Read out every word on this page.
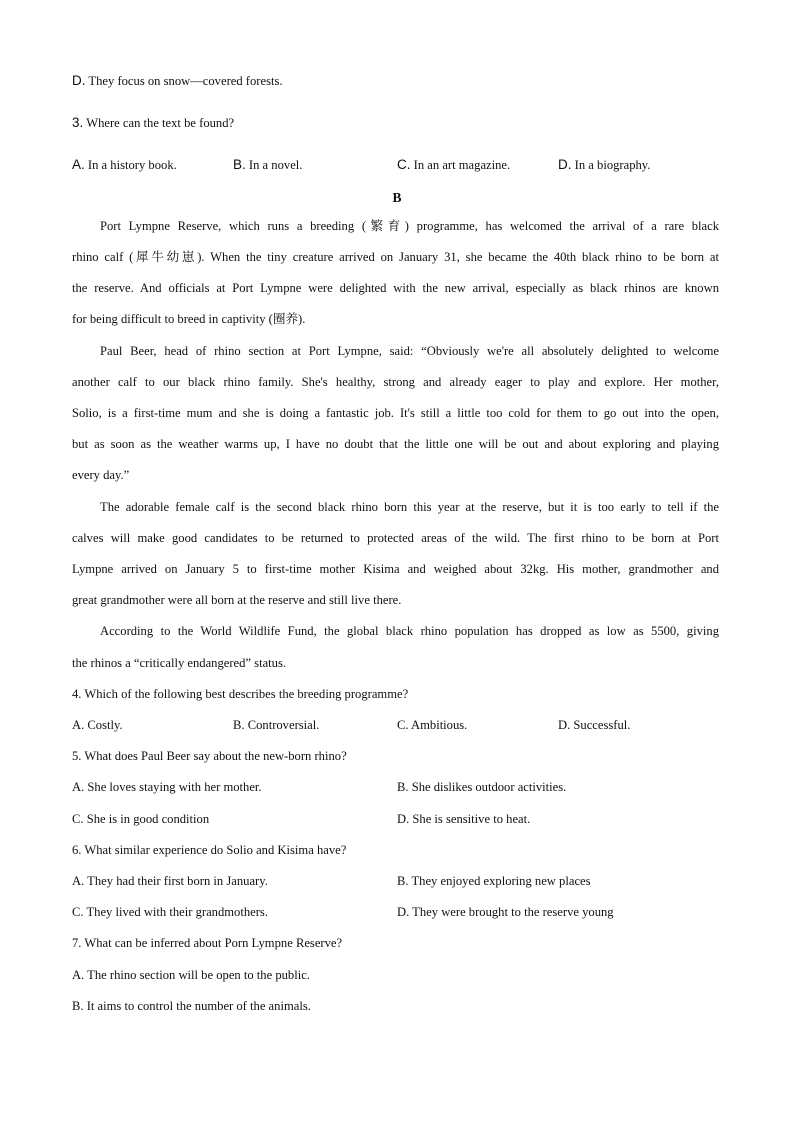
D. They focus on snow—covered forests.
3. Where can the text be found?
A. In a history book.	B. In a novel.	C. In an art magazine.	D. In a biography.
B
Port Lympne Reserve, which runs a breeding (繁育) programme, has welcomed the arrival of a rare black
rhino calf (犀牛幼崽). When the tiny creature arrived on January 31, she became the 40th black rhino to be born at
the reserve. And officials at Port Lympne were delighted with the new arrival, especially as black rhinos are known
for being difficult to breed in captivity (圈养).
Paul Beer, head of rhino section at Port Lympne, said: “Obviously we're all absolutely delighted to welcome
another calf to our black rhino family. She's healthy, strong and already eager to play and explore. Her mother,
Solio, is a first-time mum and she is doing a fantastic job. It's still a little too cold for them to go out into the open,
but as soon as the weather warms up, I have no doubt that the little one will be out and about exploring and playing
every day.”
The adorable female calf is the second black rhino born this year at the reserve, but it is too early to tell if the
calves will make good candidates to be returned to protected areas of the wild. The first rhino to be born at Port
Lympne arrived on January 5 to first-time mother Kisima and weighed about 32kg. His mother, grandmother and
great grandmother were all born at the reserve and still live there.
According to the World Wildlife Fund, the global black rhino population has dropped as low as 5500, giving
the rhinos a “critically endangered” status.
4. Which of the following best describes the breeding programme?
A. Costly.	B. Controversial.	C. Ambitious.	D. Successful.
5. What does Paul Beer say about the new-born rhino?
A. She loves staying with her mother.	B. She dislikes outdoor activities.
C. She is in good condition	D. She is sensitive to heat.
6. What similar experience do Solio and Kisima have?
A. They had their first born in January.	B. They enjoyed exploring new places
C. They lived with their grandmothers.	D. They were brought to the reserve young
7. What can be inferred about Porn Lympne Reserve?
A. The rhino section will be open to the public.
B. It aims to control the number of the animals.
